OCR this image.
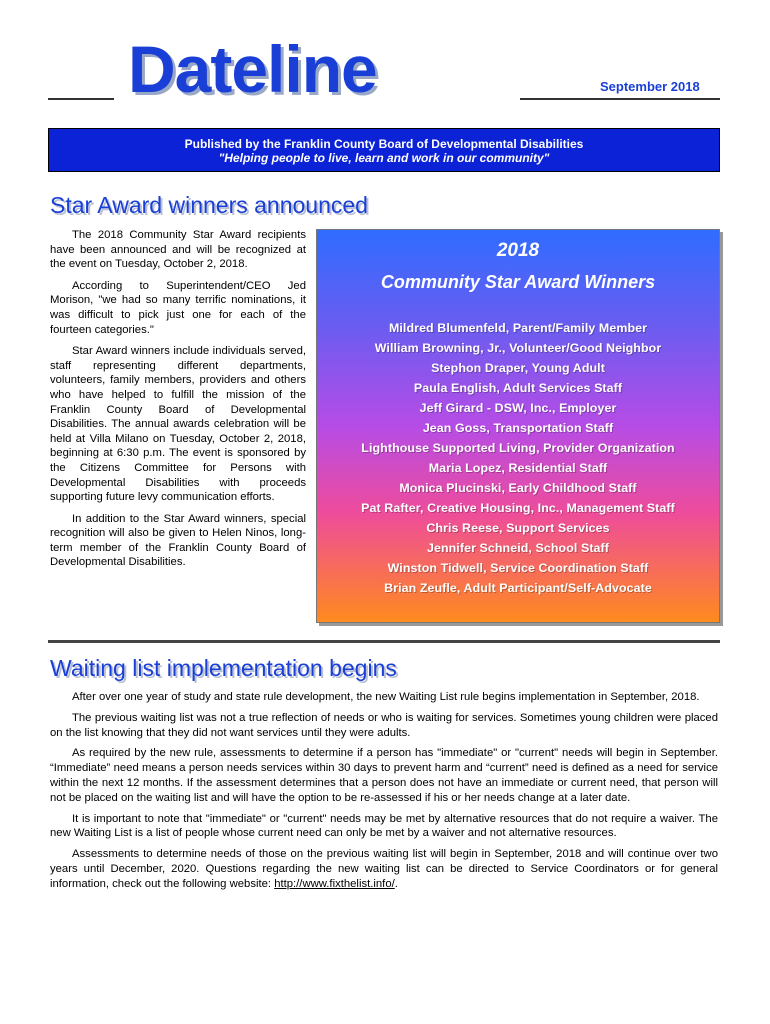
Dateline	September 2018
Published by the Franklin County Board of Developmental Disabilities
"Helping people to live, learn and work in our community"
Star Award winners announced

The 2018 Community Star Award recipients have been announced and will be recognized at the event on Tuesday, October 2, 2018.

According to Superintendent/CEO Jed Morison, "we had so many terrific nominations, it was difficult to pick just one for each of the fourteen categories."

Star Award winners include individuals served, staff representing different departments, volunteers, family members, providers and others who have helped to fulfill the mission of the Franklin County Board of Developmental Disabilities. The annual awards celebration will be held at Villa Milano on Tuesday, October 2, 2018, beginning at 6:30 p.m. The event is sponsored by the Citizens Committee for Persons with Developmental Disabilities with proceeds supporting future levy communication efforts.

In addition to the Star Award winners, special recognition will also be given to Helen Ninos, long-term member of the Franklin County Board of Developmental Disabilities.

2018
Community Star Award Winners
Mildred Blumenfeld, Parent/Family Member
William Browning, Jr., Volunteer/Good Neighbor
Stephon Draper, Young Adult
Paula English, Adult Services Staff
Jeff Girard - DSW, Inc., Employer
Jean Goss, Transportation Staff
Lighthouse Supported Living, Provider Organization
Maria Lopez, Residential Staff
Monica Plucinski, Early Childhood Staff
Pat Rafter, Creative Housing, Inc., Management Staff
Chris Reese, Support Services
Jennifer Schneid, School Staff
Winston Tidwell, Service Coordination Staff
Brian Zeufle, Adult Participant/Self-Advocate
Waiting list implementation begins

After over one year of study and state rule development, the new Waiting List rule begins implementation in September, 2018.

The previous waiting list was not a true reflection of needs or who is waiting for services. Sometimes young children were placed on the list knowing that they did not want services until they were adults.

As required by the new rule, assessments to determine if a person has "immediate" or "current" needs will begin in September. “Immediate” need means a person needs services within 30 days to prevent harm and “current” need is defined as a need for service within the next 12 months. If the assessment determines that a person does not have an immediate or current need, that person will not be placed on the waiting list and will have the option to be re-assessed if his or her needs change at a later date.

It is important to note that "immediate" or "current" needs may be met by alternative resources that do not require a waiver. The new Waiting List is a list of people whose current need can only be met by a waiver and not alternative resources.

Assessments to determine needs of those on the previous waiting list will begin in September, 2018 and will continue over two years until December, 2020. Questions regarding the new waiting list can be directed to Service Coordinators or for general information, check out the following website: http://www.fixthelist.info/.
